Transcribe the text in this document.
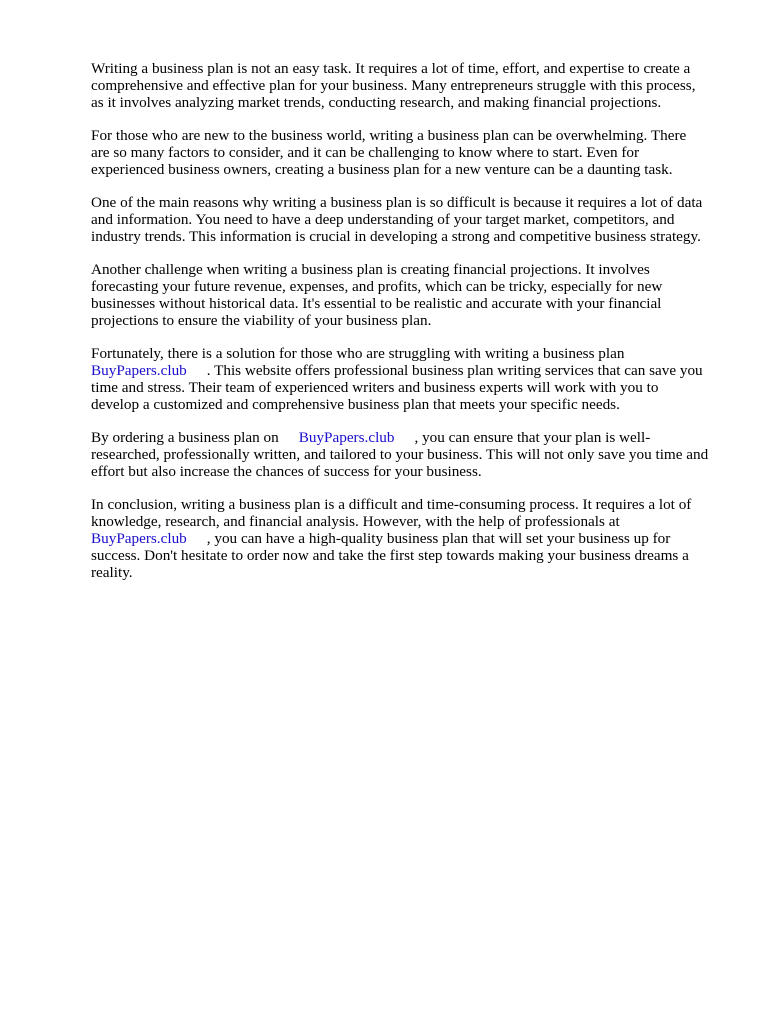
Writing a business plan is not an easy task. It requires a lot of time, effort, and expertise to create a
comprehensive and effective plan for your business. Many entrepreneurs struggle with this process,
as it involves analyzing market trends, conducting research, and making financial projections.

For those who are new to the business world, writing a business plan can be overwhelming. There
are so many factors to consider, and it can be challenging to know where to start. Even for
experienced business owners, creating a business plan for a new venture can be a daunting task.

One of the main reasons why writing a business plan is so difficult is because it requires a lot of data
and information. You need to have a deep understanding of your target market, competitors, and
industry trends. This information is crucial in developing a strong and competitive business strategy.

Another challenge when writing a business plan is creating financial projections. It involves
forecasting your future revenue, expenses, and profits, which can be tricky, especially for new
businesses without historical data. It's essential to be realistic and accurate with your financial
projections to ensure the viability of your business plan.

Fortunately, there is a solution for those who are struggling with writing a business plan
BuyPapers.club . This website offers professional business plan writing services that can save you
time and stress. Their team of experienced writers and business experts will work with you to
develop a customized and comprehensive business plan that meets your specific needs.

By ordering a business plan on BuyPapers.club , you can ensure that your plan is well-
researched, professionally written, and tailored to your business. This will not only save you time and
effort but also increase the chances of success for your business.

In conclusion, writing a business plan is a difficult and time-consuming process. It requires a lot of
knowledge, research, and financial analysis. However, with the help of professionals at
BuyPapers.club , you can have a high-quality business plan that will set your business up for
success. Don't hesitate to order now and take the first step towards making your business dreams a
reality.
